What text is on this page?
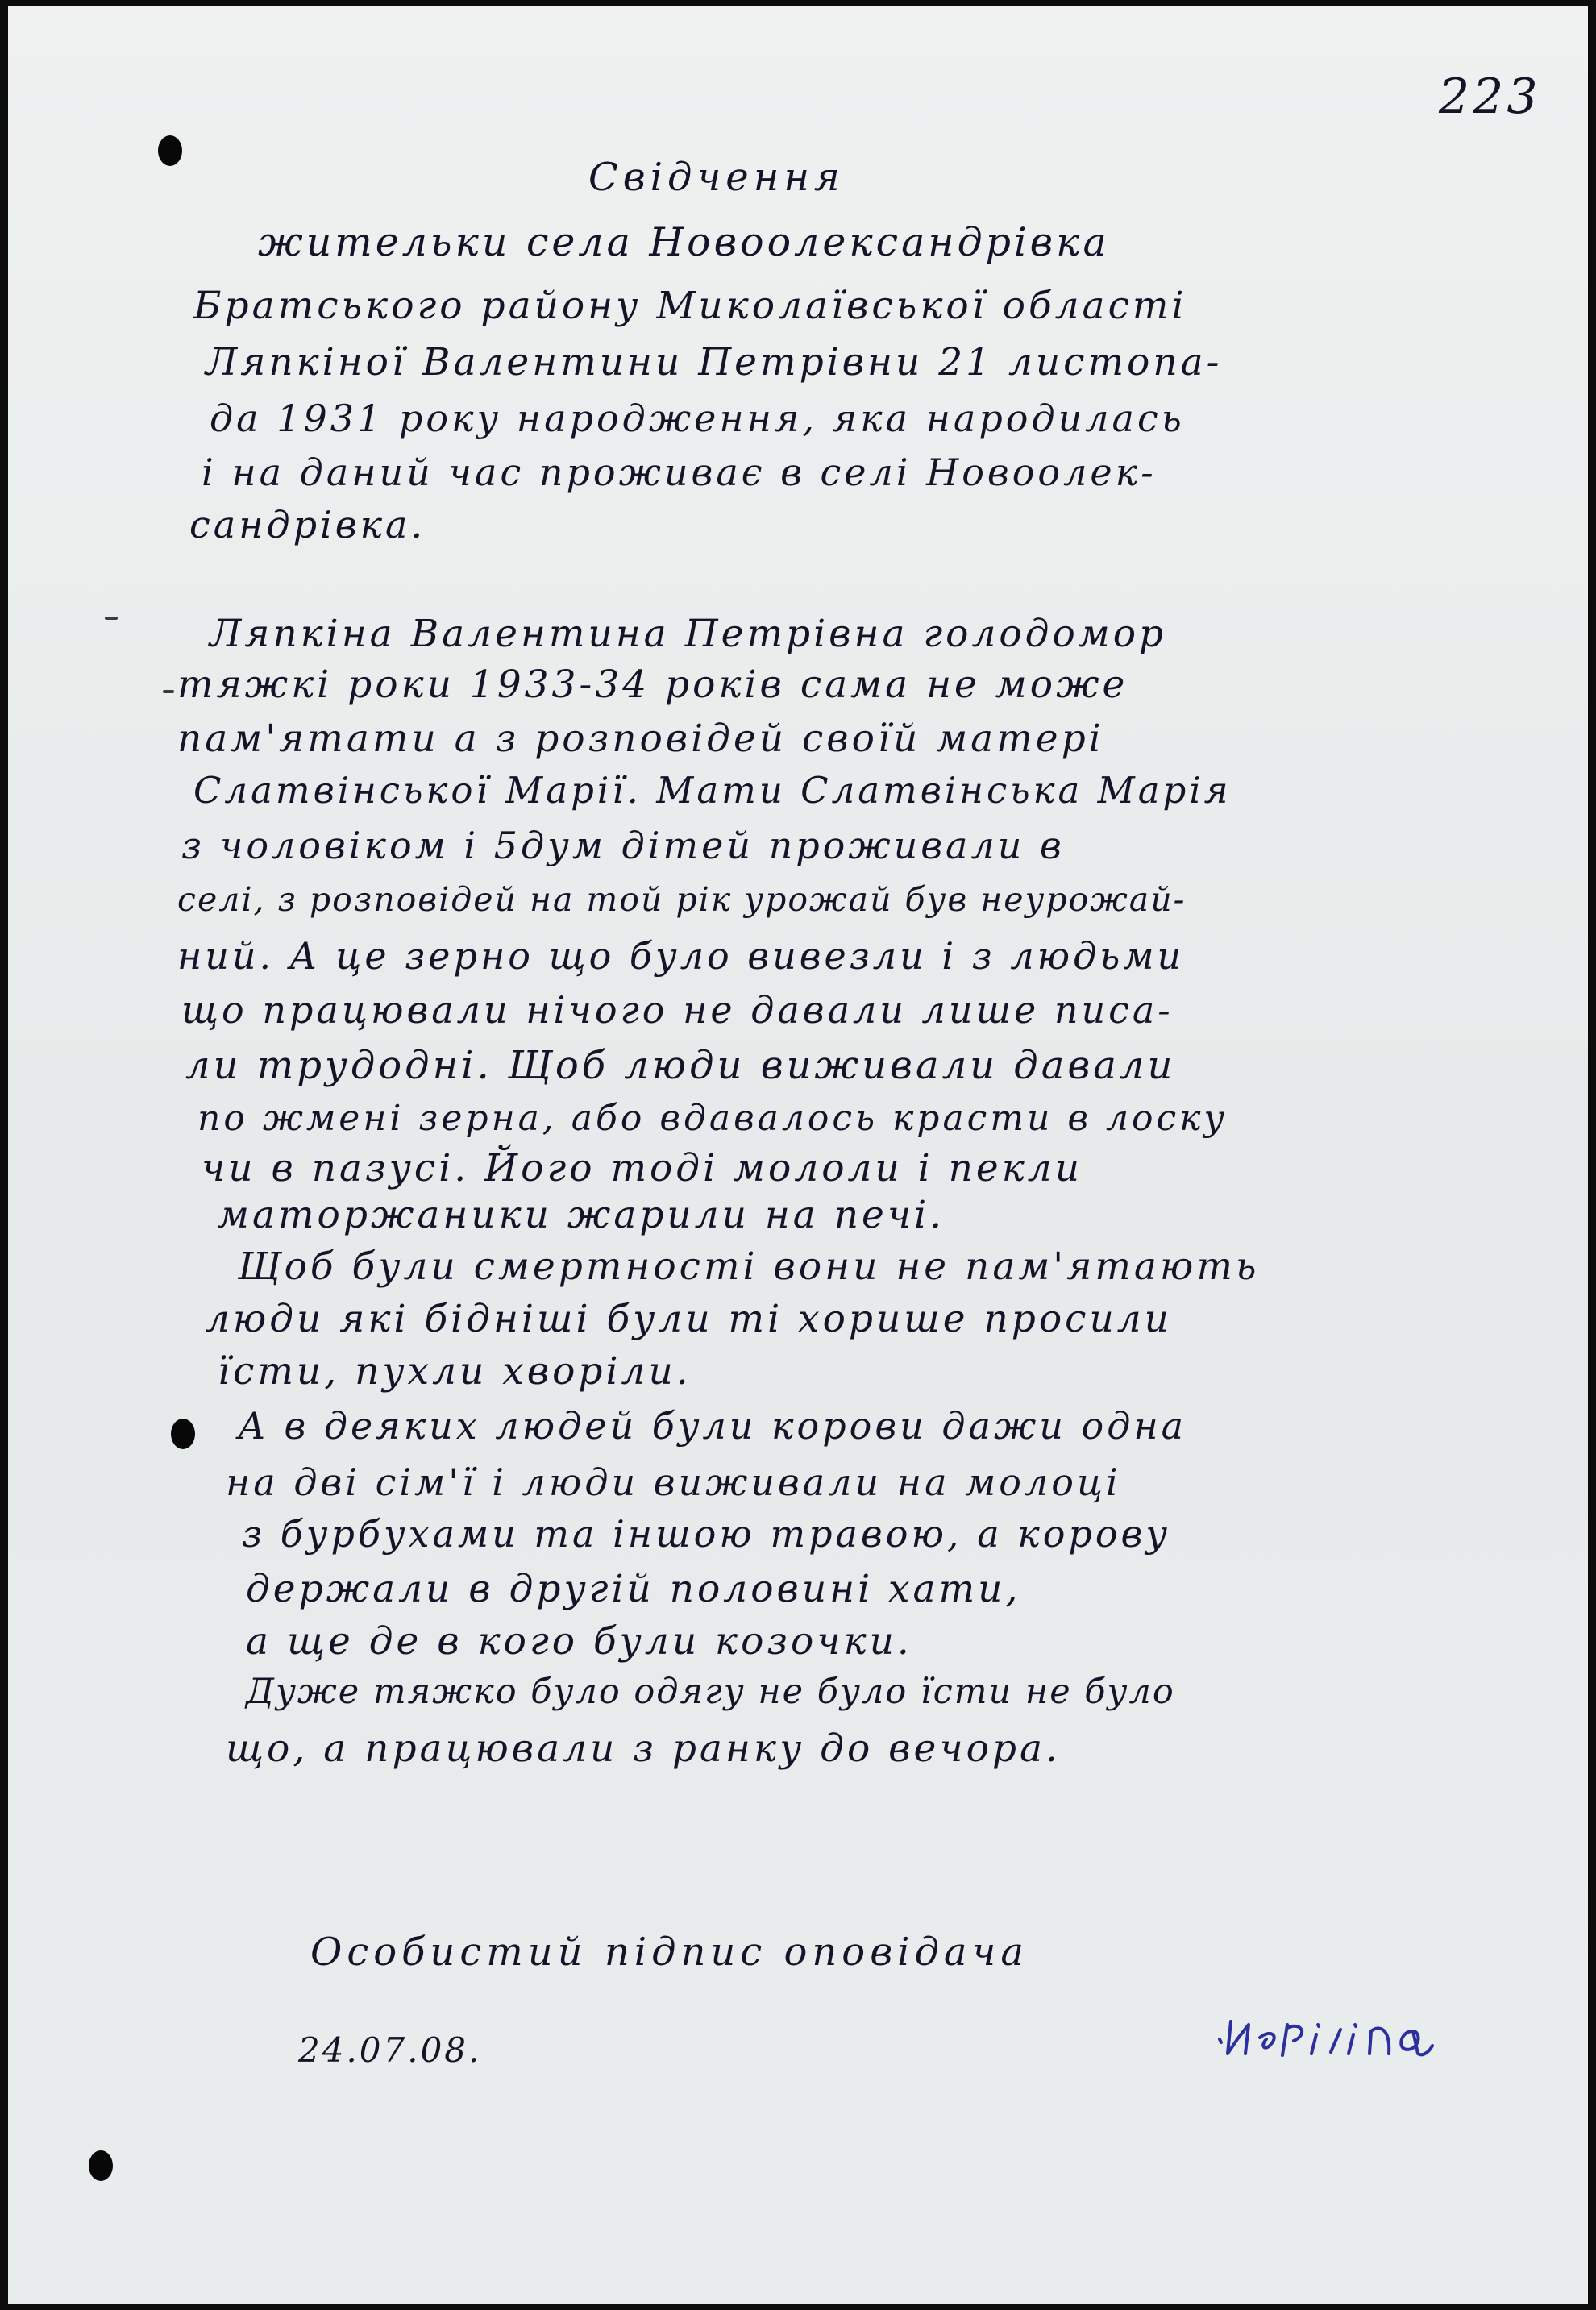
223
Свідчення
жительки села Новоолександрівка
Братського району Миколаївської області
Ляпкіної Валентини Петрівни 21 листопа-
да 1931 року народження, яка народилась
і на даний час проживає в селі Новоолек-
сандрівка.
Ляпкіна Валентина Петрівна голодомор
тяжкі роки 1933-34 років сама не може
пам'ятати а з розповідей своїй матері
Слатвінської Марії. Мати Слатвінська Марія
з чоловіком і 5дум дітей проживали в
селі, з розповідей на той рік урожай був неурожай-
ний. А це зерно що було вивезли і з людьми
що працювали нічого не давали лише писа-
ли трудодні. Щоб люди виживали давали
по жмені зерна, або вдавалось красти в лоску
чи в пазусі. Його тоді мололи і пекли
маторжаники жарили на печі.
Щоб були смертності вони не пам'ятають
люди які бідніші були ті хорише просили
їсти, пухли хворіли.
А в деяких людей були корови дажи одна
на дві сім'ї і люди виживали на молоці
з бурбухами та іншою травою, а корову
держали в другій половині хати,
а ще де в кого були козочки.
Дуже тяжко було одягу не було їсти не було
що, а працювали з ранку до вечора.
Особистий підпис оповідача
24.07.08.
